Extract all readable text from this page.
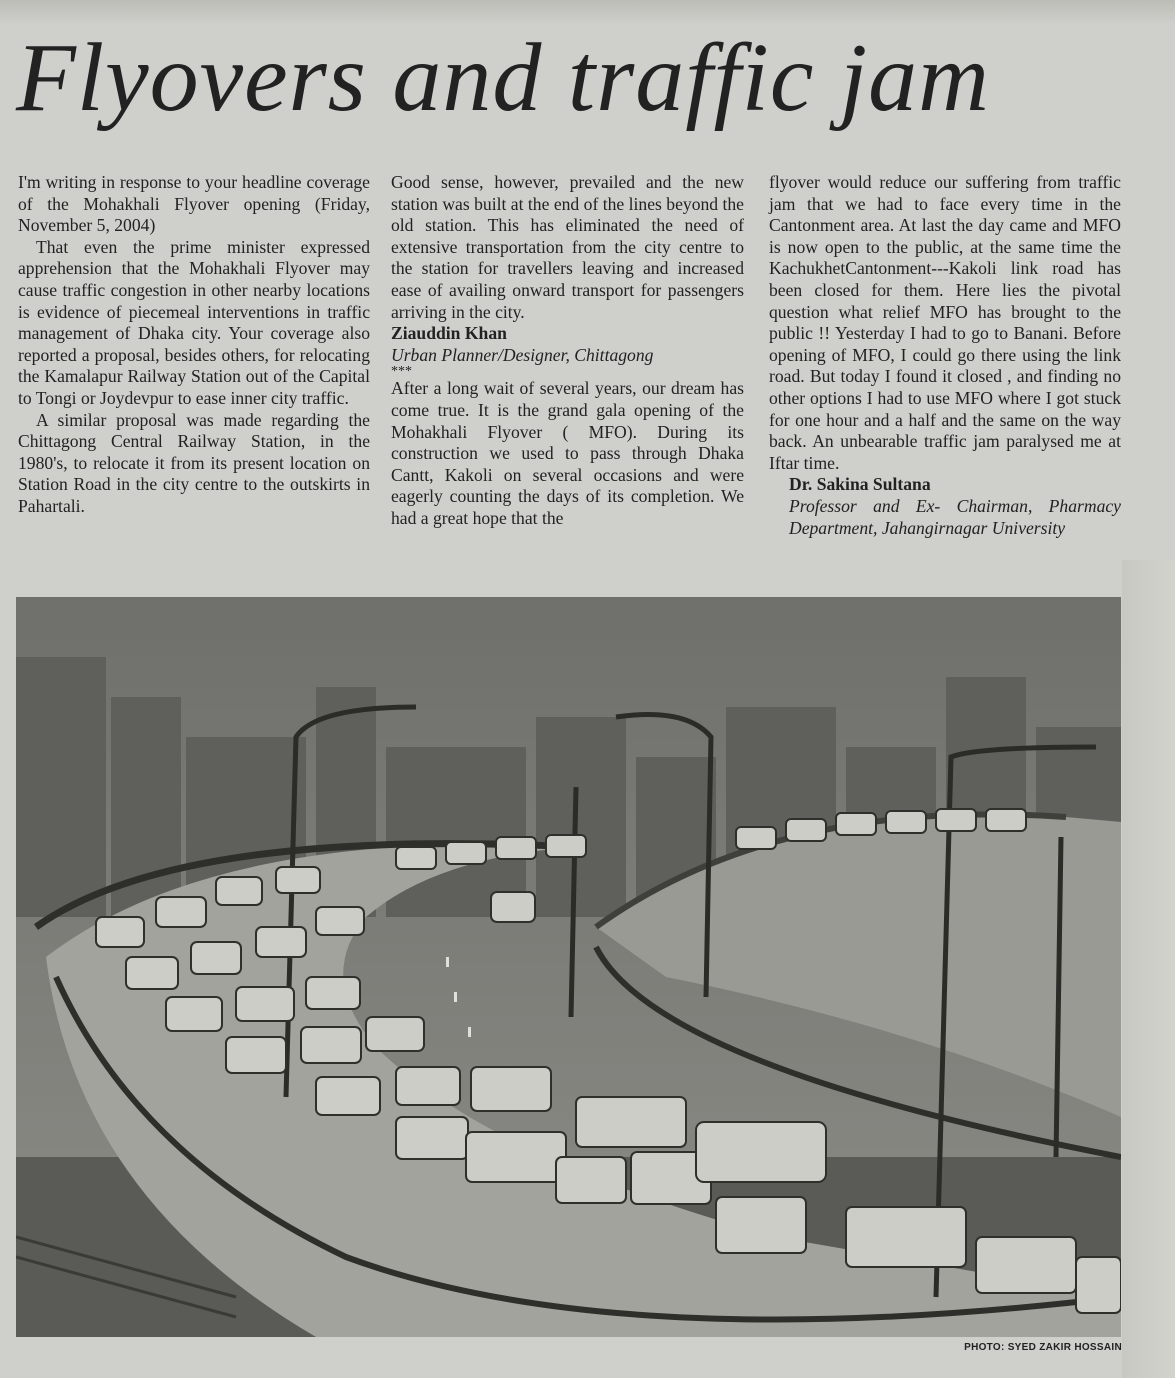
Flyovers and traffic jam

I'm writing in response to your headline coverage of the Mohakhali Flyover opening (Friday, November 5, 2004)

That even the prime minister expressed apprehension that the Mohakhali Flyover may cause traffic congestion in other nearby locations is evidence of piecemeal interventions in traffic management of Dhaka city. Your coverage also reported a proposal, besides others, for relocating the Kamalapur Railway Station out of the Capital to Tongi or Joydevpur to ease inner city traffic.

A similar proposal was made regarding the Chittagong Central Railway Station, in the 1980's, to relocate it from its present location on Station Road in the city centre to the outskirts in Pahartali.

Good sense, however, prevailed and the new station was built at the end of the lines beyond the old station. This has eliminated the need of extensive transportation from the city centre to the station for travellers leaving and increased ease of availing onward transport for passengers arriving in the city.

Ziauddin Khan

Urban Planner/Designer, Chittagong

***

After a long wait of several years, our dream has come true. It is the grand gala opening of the Mohakhali Flyover ( MFO). During its construction we used to pass through Dhaka Cantt, Kakoli on several occasions and were eagerly counting the days of its completion. We had a great hope that the

flyover would reduce our suffering from traffic jam that we had to face every time in the Cantonment area. At last the day came and MFO is now open to the public, at the same time the KachukhetCantonment---Kakoli link road has been closed for them. Here lies the pivotal question what relief MFO has brought to the public !! Yesterday I had to go to Banani. Before opening of MFO, I could go there using the link road. But today I found it closed , and finding no other options I had to use MFO where I got stuck for one hour and a half and the same on the way back. An unbearable traffic jam paralysed me at Iftar time.

Dr. Sakina Sultana

Professor and Ex- Chairman, Pharmacy Department, Jahangirnagar University

PHOTO: SYED ZAKIR HOSSAIN
